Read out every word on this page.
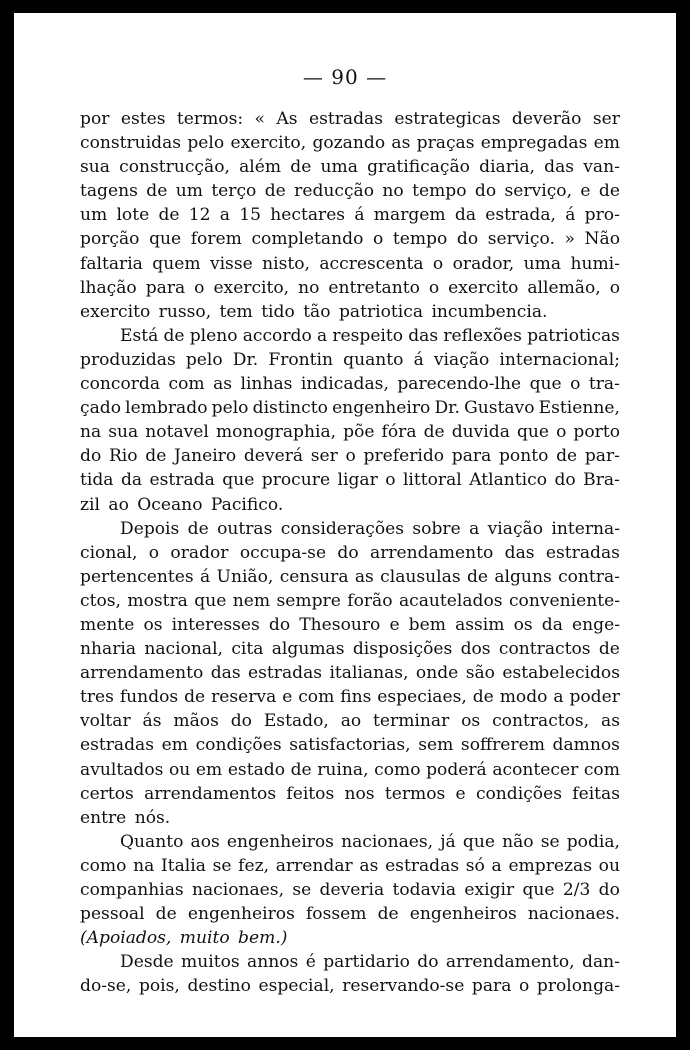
— 90 —
por estes termos: « As estradas estrategicas deverão ser
construidas pelo exercito, gozando as praças empregadas em
sua construcção, além de uma gratificação diaria, das van-
tagens de um terço de reducção no tempo do serviço, e de
um lote de 12 a 15 hectares á margem da estrada, á pro-
porção que forem completando o tempo do serviço. » Não
faltaria quem visse nisto, accrescenta o orador, uma humi-
lhação para o exercito, no entretanto o exercito allemão, o
exercito russo, tem tido tão patriotica incumbencia.
Está de pleno accordo a respeito das reflexões patrioticas
produzidas pelo Dr. Frontin quanto á viação internacional;
concorda com as linhas indicadas, parecendo-lhe que o tra-
çado lembrado pelo distincto engenheiro Dr. Gustavo Estienne,
na sua notavel monographia, põe fóra de duvida que o porto
do Rio de Janeiro deverá ser o preferido para ponto de par-
tida da estrada que procure ligar o littoral Atlantico do Bra-
zil ao Oceano Pacifico.
Depois de outras considerações sobre a viação interna-
cional, o orador occupa-se do arrendamento das estradas
pertencentes á União, censura as clausulas de alguns contra-
ctos, mostra que nem sempre forão acautelados conveniente-
mente os interesses do Thesouro e bem assim os da enge-
nharia nacional, cita algumas disposições dos contractos de
arrendamento das estradas italianas, onde são estabelecidos
tres fundos de reserva e com fins especiaes, de modo a poder
voltar ás mãos do Estado, ao terminar os contractos, as
estradas em condições satisfactorias, sem soffrerem damnos
avultados ou em estado de ruina, como poderá acontecer com
certos arrendamentos feitos nos termos e condições feitas
entre nós.
Quanto aos engenheiros nacionaes, já que não se podia,
como na Italia se fez, arrendar as estradas só a emprezas ou
companhias nacionaes, se deveria todavia exigir que 2/3 do
pessoal de engenheiros fossem de engenheiros nacionaes.
(Apoiados, muito bem.)
Desde muitos annos é partidario do arrendamento, dan-
do-se, pois, destino especial, reservando-se para o prolonga-
